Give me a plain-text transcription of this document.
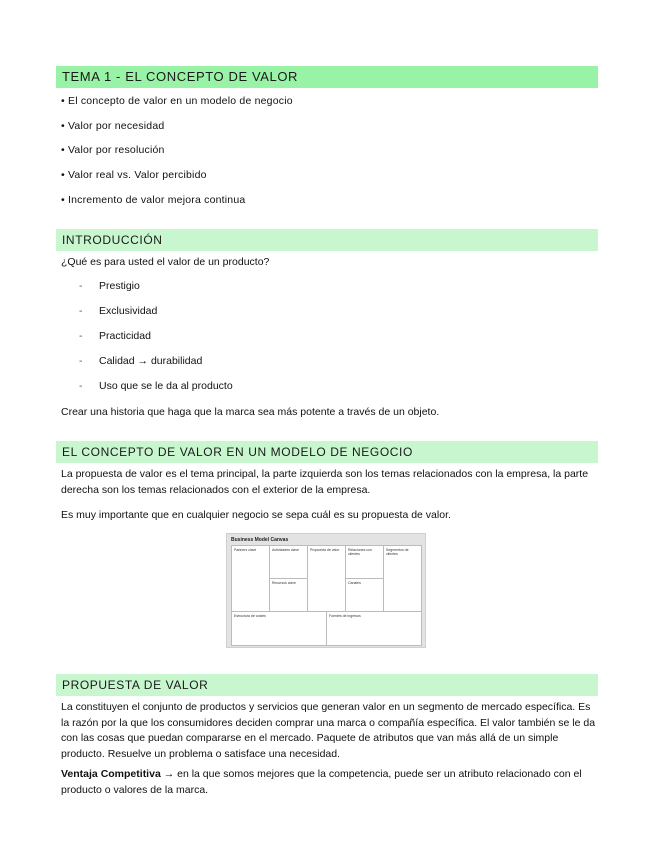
TEMA 1 - EL CONCEPTO DE VALOR
• El concepto de valor en un modelo de negocio
• Valor por necesidad
• Valor por resolución
• Valor real vs. Valor percibido
• Incremento de valor mejora continua
INTRODUCCIÓN
¿Qué es para usted el valor de un producto?
- Prestigio
- Exclusividad
- Practicidad
- Calidad → durabilidad
- Uso que se le da al producto
Crear una historia que haga que la marca sea más potente a través de un objeto.
EL CONCEPTO DE VALOR EN UN MODELO DE NEGOCIO
La propuesta de valor es el tema principal, la parte izquierda son los temas relacionados con la empresa, la parte derecha son los temas relacionados con el exterior de la empresa.
Es muy importante que en cualquier negocio se sepa cuál es su propuesta de valor.
Business Model Canvas
Partners clave	Actividades clave	Propuesta de valor Relaciones con clientes
Segmentos de clientes
Recursos clave	Canales
Estructura de costes	Fuentes de ingresos
PROPUESTA DE VALOR
La constituyen el conjunto de productos y servicios que generan valor en un segmento de mercado específica. Es la razón por la que los consumidores deciden comprar una marca o compañía específica. El valor también se le da con las cosas que puedan compararse en el mercado. Paquete de atributos que van más allá de un simple producto. Resuelve un problema o satisface una necesidad.
Ventaja Competitiva → en la que somos mejores que la competencia, puede ser un atributo relacionado con el producto o valores de la marca.
